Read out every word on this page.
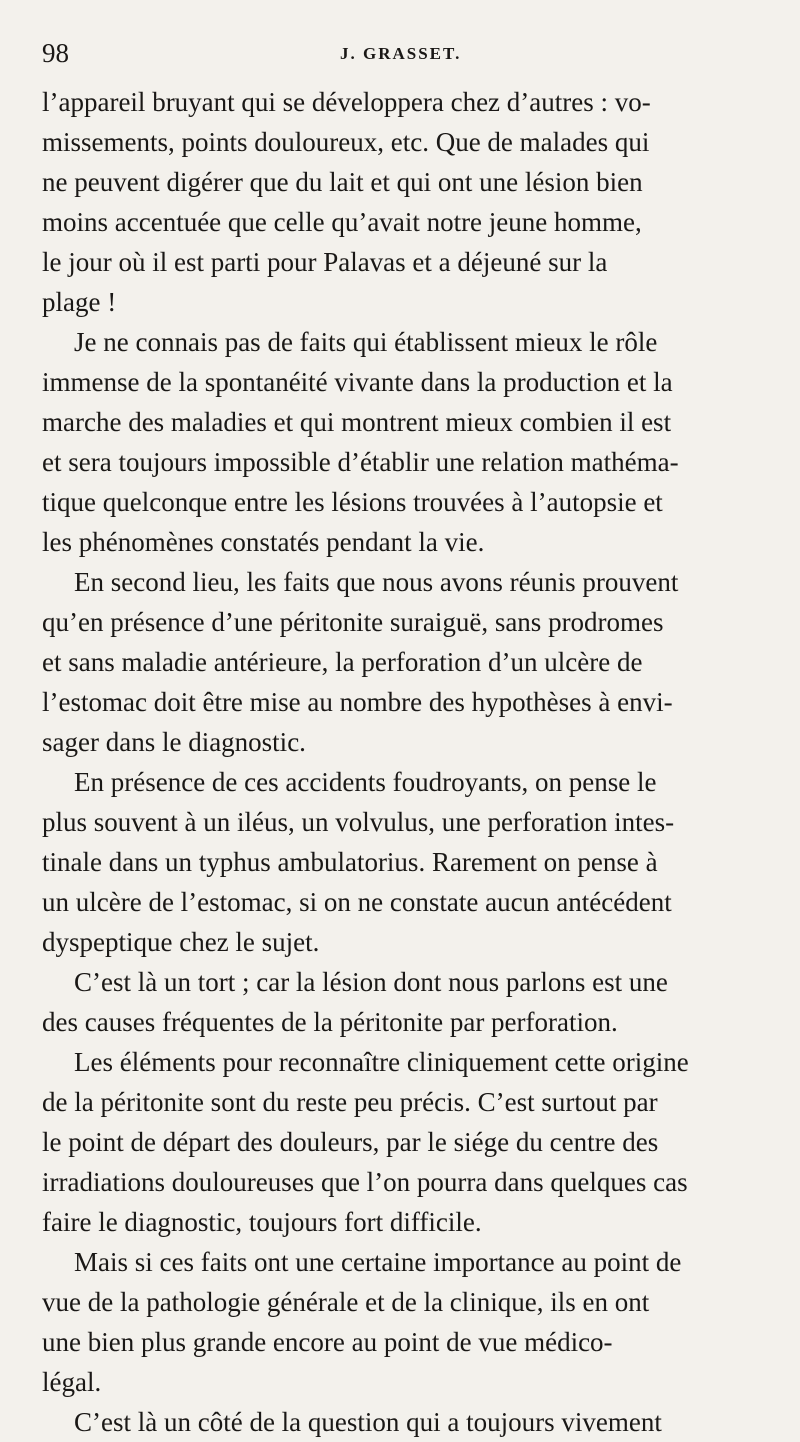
98	J. GRASSET.
l’appareil bruyant qui se développera chez d’autres : vo-
missements, points douloureux, etc. Que de malades qui
ne peuvent digérer que du lait et qui ont une lésion bien
moins accentuée que celle qu’avait notre jeune homme,
le jour où il est parti pour Palavas et a déjeuné sur la
plage !
Je ne connais pas de faits qui établissent mieux le rôle
immense de la spontanéité vivante dans la production et la
marche des maladies et qui montrent mieux combien il est
et sera toujours impossible d’établir une relation mathéma-
tique quelconque entre les lésions trouvées à l’autopsie et
les phénomènes constatés pendant la vie.
En second lieu, les faits que nous avons réunis prouvent
qu’en présence d’une péritonite suraiguë, sans prodromes
et sans maladie antérieure, la perforation d’un ulcère de
l’estomac doit être mise au nombre des hypothèses à envi-
sager dans le diagnostic.
En présence de ces accidents foudroyants, on pense le
plus souvent à un iléus, un volvulus, une perforation intes-
tinale dans un typhus ambulatorius. Rarement on pense à
un ulcère de l’estomac, si on ne constate aucun antécédent
dyspeptique chez le sujet.
C’est là un tort ; car la lésion dont nous parlons est une
des causes fréquentes de la péritonite par perforation.
Les éléments pour reconnaître cliniquement cette origine
de la péritonite sont du reste peu précis. C’est surtout par
le point de départ des douleurs, par le siége du centre des
irradiations douloureuses que l’on pourra dans quelques cas
faire le diagnostic, toujours fort difficile.
Mais si ces faits ont une certaine importance au point de
vue de la pathologie générale et de la clinique, ils en ont
une bien plus grande encore au point de vue médico-
légal.
C’est là un côté de la question qui a toujours vivement
